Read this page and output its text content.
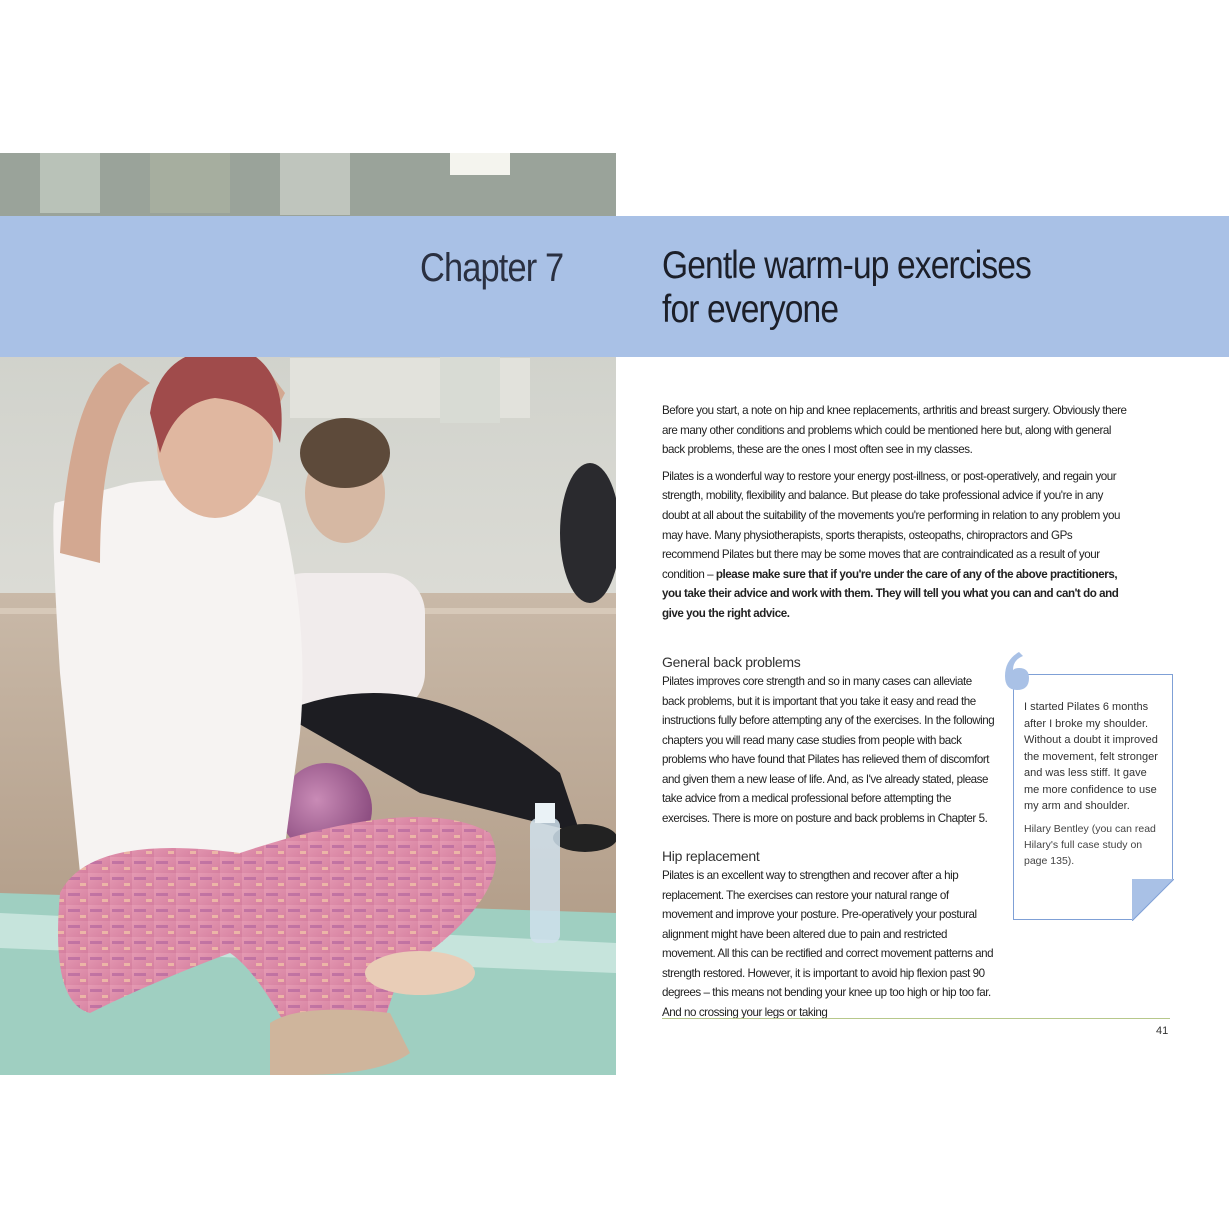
Chapter 7	Gentle warm-up exercises
for everyone

Before you start, a note on hip and knee replacements, arthritis and breast surgery. Obviously there are many other conditions and problems which could be mentioned here but, along with general back problems, these are the ones I most often see in my classes.

Pilates is a wonderful way to restore your energy post-illness, or post-operatively, and regain your strength, mobility, flexibility and balance. But please do take professional advice if you're in any doubt at all about the suitability of the movements you're performing in relation to any problem you may have. Many physiotherapists, sports therapists, osteopaths, chiropractors and GPs recommend Pilates but there may be some moves that are contraindicated as a result of your condition – please make sure that if you're under the care of any of the above practitioners, you take their advice and work with them. They will tell you what you can and can't do and give you the right advice.

General back problems

Pilates improves core strength and so in many cases can alleviate back problems, but it is important that you take it easy and read the instructions fully before attempting any of the exercises. In the following chapters you will read many case studies from people with back problems who have found that Pilates has relieved them of discomfort and given them a new lease of life. And, as I've already stated, please take advice from a medical professional before attempting the exercises. There is more on posture and back problems in Chapter 5.

Hip replacement

Pilates is an excellent way to strengthen and recover after a hip replacement. The exercises can restore your natural range of movement and improve your posture. Pre-operatively your postural alignment might have been altered due to pain and restricted movement. All this can be rectified and correct movement patterns and strength restored. However, it is important to avoid hip flexion past 90 degrees – this means not bending your knee up too high or hip too far. And no crossing your legs or taking

I started Pilates 6 months after I broke my shoulder. Without a doubt it improved the movement, felt stronger and was less stiff. It gave me more confidence to use my arm and shoulder.

Hilary Bentley (you can read Hilary's full case study on page 135).

41
